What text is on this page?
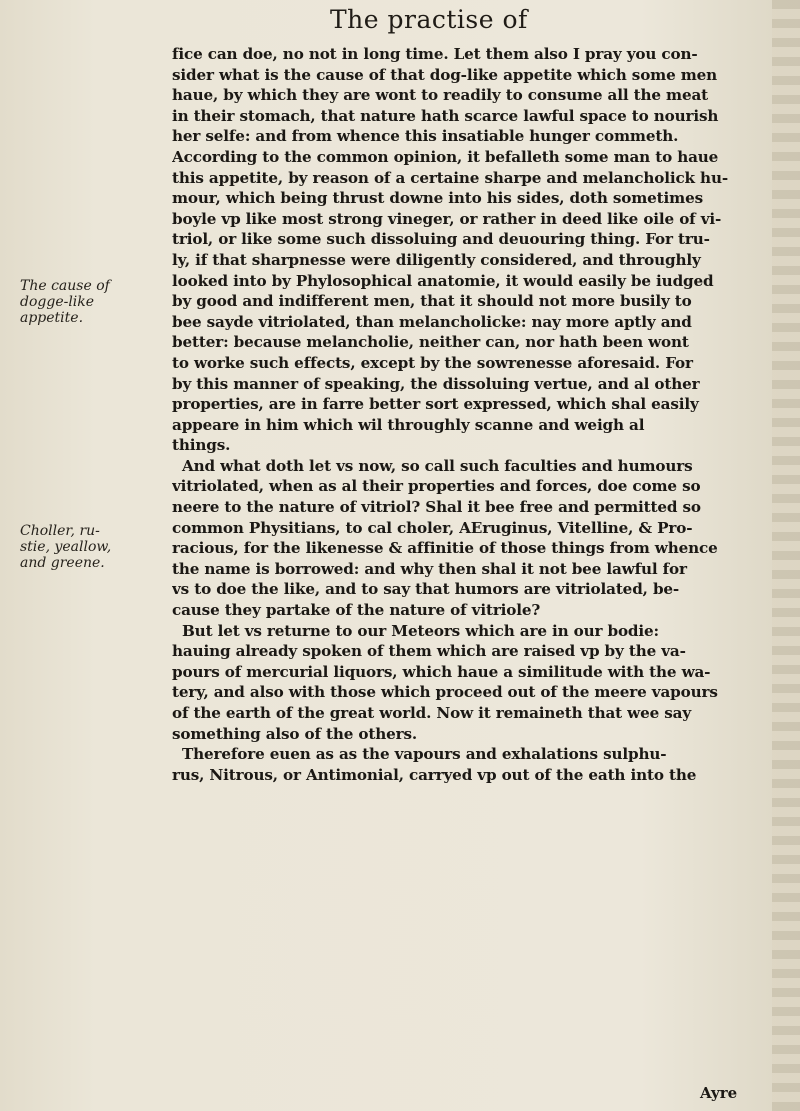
The practise of
fice can doe, no not in long time. Let them also I pray you con-
sider what is the cause of that dog-like appetite which some men
haue, by which they are wont to readily to consume all the meat
in their stomach, that nature hath scarce lawful space to nourish
her selfe: and from whence this insatiable hunger commeth.
According to the common opinion, it befalleth some man to haue
this appetite, by reason of a certaine sharpe and melancholick hu-
mour, which being thrust downe into his sides, doth sometimes
boyle vp like most strong vineger, or rather in deed like oile of vi-
triol, or like some such dissoluing and deuouring thing. For tru-
ly, if that sharpnesse were diligently considered, and throughly
looked into by Phylosophical anatomie, it would easily be iudged
by good and indifferent men, that it should not more busily to
bee sayde vitriolated, than melancholicke: nay more aptly and
better: because melancholie, neither can, nor hath been wont
to worke such effects, except by the sowrenesse aforesaid. For
by this manner of speaking, the dissoluing vertue, and al other
properties, are in farre better sort expressed, which shal easily
appeare in him which wil throughly scanne and weigh al
things.
And what doth let vs now, so call such faculties and humours
vitriolated, when as al their properties and forces, doe come so
neere to the nature of vitriol? Shal it bee free and permitted so
common Physitians, to cal choler, AEruginus, Vitelline, & Pro-
racious, for the likenesse & affinitie of those things from whence
the name is borrowed: and why then shal it not bee lawful for
vs to doe the like, and to say that humors are vitriolated, be-
cause they partake of the nature of vitriole?
But let vs returne to our Meteors which are in our bodie:
hauing already spoken of them which are raised vp by the va-
pours of mercurial liquors, which haue a similitude with the wa-
tery, and also with those which proceed out of the meere vapours
of the earth of the great world. Now it remaineth that wee say
something also of the others.
Therefore euen as as the vapours and exhalations sulphu-
rus, Nitrous, or Antimonial, carryed vp out of the eath into the
The cause of
dogge-like
appetite.
Choller, ru-
stie, yeallow,
and greene.
Ayre
